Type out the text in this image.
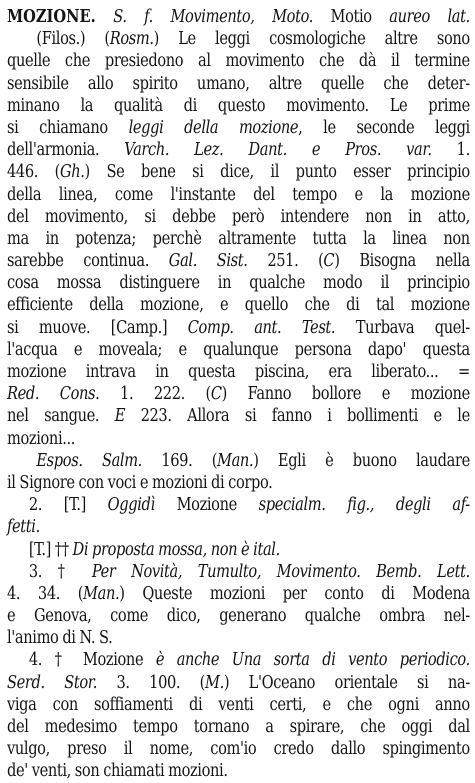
MOZIONE. S. f. Movimento, Moto. Motio aureo lat.
(Filos.) (Rosm.) Le leggi cosmologiche altre sono
quelle che presiedono al movimento che dà il termine
sensibile allo spirito umano, altre quelle che deter-
minano la qualità di questo movimento. Le prime
si chiamano leggi della mozione, le seconde leggi
dell'armonia. Varch. Lez. Dant. e Pros. var. 1.
446. (Gh.) Se bene si dice, il punto esser principio
della linea, come l'instante del tempo e la mozione
del movimento, si debbe però intendere non in atto,
ma in potenza; perchè altramente tutta la linea non
sarebbe continua. Gal. Sist. 251. (C) Bisogna nella
cosa mossa distinguere in qualche modo il principio
efficiente della mozione, e quello che di tal mozione
si muove. [Camp.] Comp. ant. Test. Turbava quel-
l'acqua e moveala; e qualunque persona dapo' questa
mozione intrava in questa piscina, era liberato... =
Red. Cons. 1. 222. (C) Fanno bollore e mozione
nel sangue. E 223. Allora si fanno i bollimenti e le
mozioni...
Espos. Salm. 169. (Man.) Egli è buono laudare
il Signore con voci e mozioni di corpo.
2. [T.] Oggidì Mozione specialm. fig., degli af-
fetti.
[T.] †† Di proposta mossa, non è ital.
3. † Per Novità, Tumulto, Movimento. Bemb. Lett.
4. 34. (Man.) Queste mozioni per conto di Modena
e Genova, come dico, generano qualche ombra nel-
l'animo di N. S.
4. † Mozione è anche Una sorta di vento periodico.
Serd. Stor. 3. 100. (M.) L'Oceano orientale si na-
viga con soffiamenti di venti certi, e che ogni anno
del medesimo tempo tornano a spirare, che oggi dal
vulgo, preso il nome, com'io credo dallo spingimento
de' venti, son chiamati mozioni.
